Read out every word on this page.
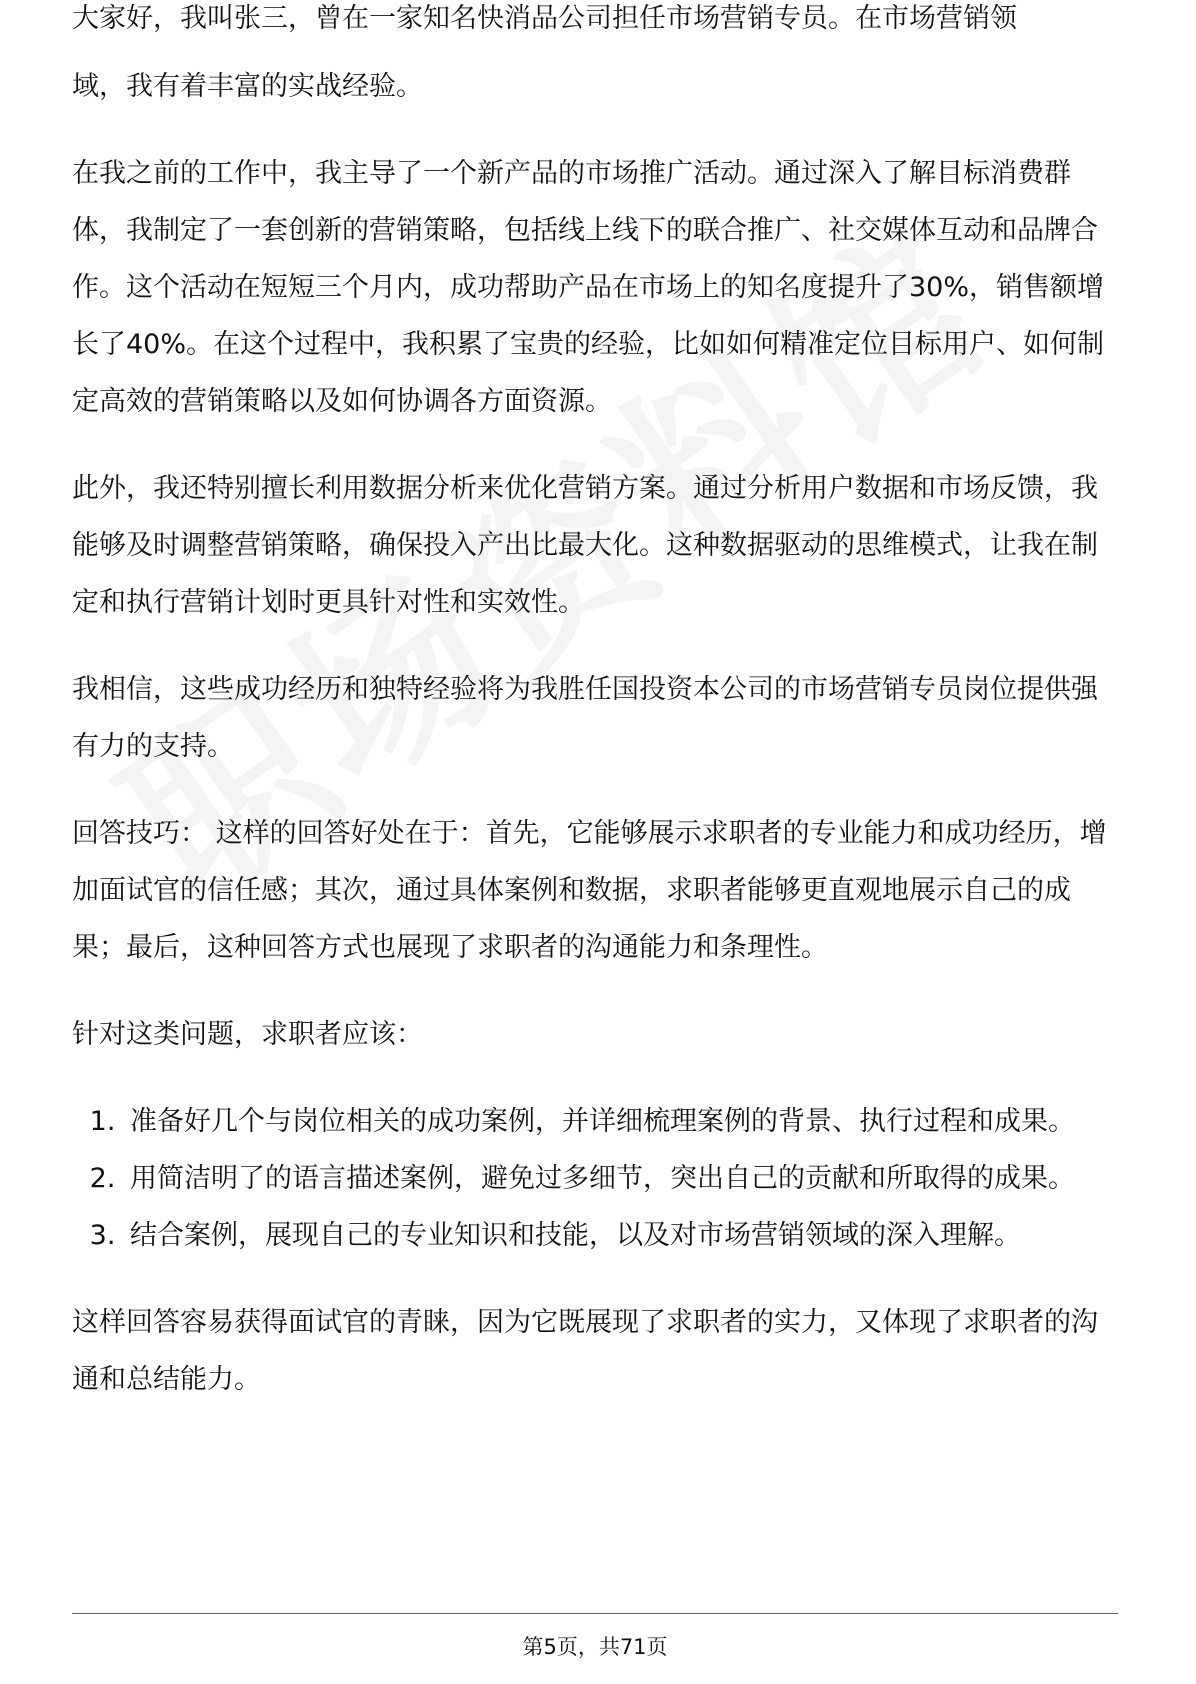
大家好，我叫张三，曾在一家知名快消品公司担任市场营销专员。在市场营销领

域，我有着丰富的实战经验。

在我之前的工作中，我主导了一个新产品的市场推广活动。通过深入了解目标消费群体，我制定了一套创新的营销策略，包括线上线下的联合推广、社交媒体互动和品牌合作。这个活动在短短三个月内，成功帮助产品在市场上的知名度提升了30%，销售额增长了40%。在这个过程中，我积累了宝贵的经验，比如如何精准定位目标用户、如何制定高效的营销策略以及如何协调各方面资源。

此外，我还特别擅长利用数据分析来优化营销方案。通过分析用户数据和市场反馈，我能够及时调整营销策略，确保投入产出比最大化。这种数据驱动的思维模式，让我在制定和执行营销计划时更具针对性和实效性。

我相信，这些成功经历和独特经验将为我胜任国投资本公司的市场营销专员岗位提供强有力的支持。

回答技巧： 这样的回答好处在于：首先，它能够展示求职者的专业能力和成功经历，增加面试官的信任感；其次，通过具体案例和数据，求职者能够更直观地展示自己的成果；最后，这种回答方式也展现了求职者的沟通能力和条理性。

针对这类问题，求职者应该：

1. 准备好几个与岗位相关的成功案例，并详细梳理案例的背景、执行过程和成果。
2. 用简洁明了的语言描述案例，避免过多细节，突出自己的贡献和所取得的成果。
3. 结合案例，展现自己的专业知识和技能，以及对市场营销领域的深入理解。

这样回答容易获得面试官的青睐，因为它既展现了求职者的实力，又体现了求职者的沟通和总结能力。

第5页，共71页
